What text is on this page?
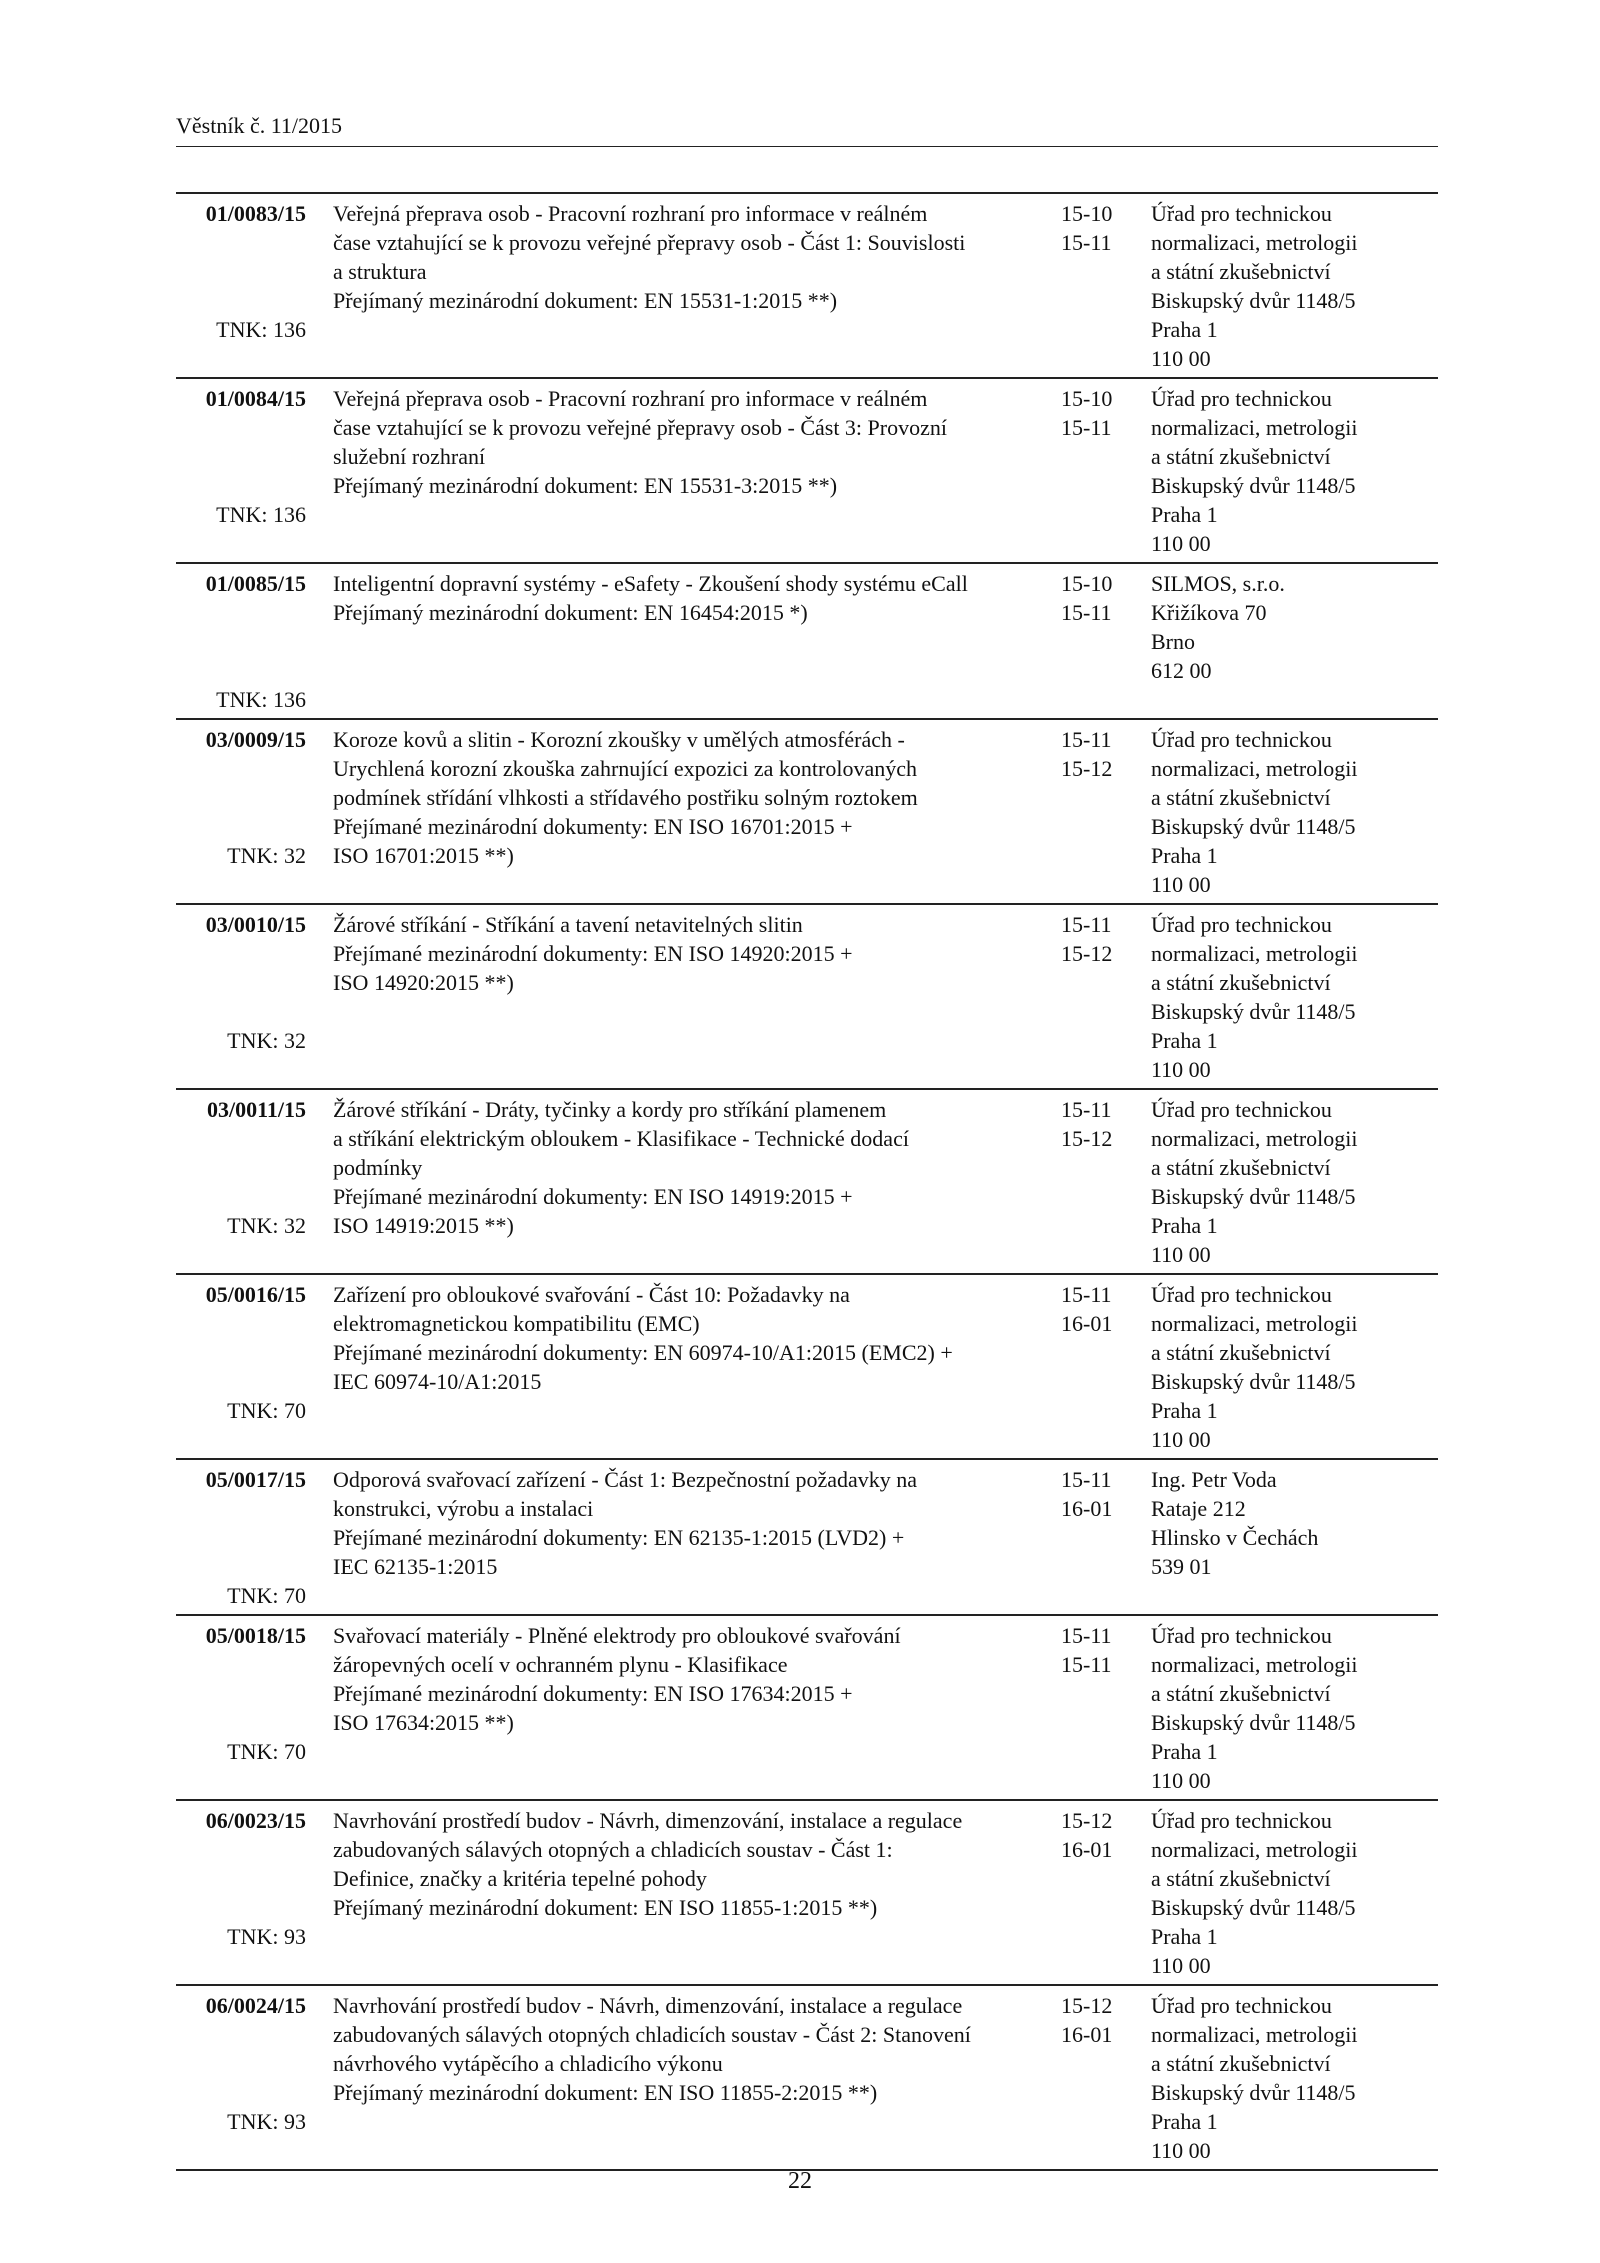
Věstník č. 11/2015
01/0083/15
TNK: 136
Veřejná přeprava osob - Pracovní rozhraní pro informace v reálném
čase vztahující se k provozu veřejné přepravy osob - Část 1: Souvislosti
a struktura
Přejímaný mezinárodní dokument: EN 15531-1:2015 **)
15-10
15-11
Úřad pro technickou
normalizaci, metrologii
a státní zkušebnictví
Biskupský dvůr 1148/5
Praha 1
110 00
01/0084/15
TNK: 136
Veřejná přeprava osob - Pracovní rozhraní pro informace v reálném
čase vztahující se k provozu veřejné přepravy osob - Část 3: Provozní
služební rozhraní
Přejímaný mezinárodní dokument: EN 15531-3:2015 **)
15-10
15-11
Úřad pro technickou
normalizaci, metrologii
a státní zkušebnictví
Biskupský dvůr 1148/5
Praha 1
110 00
01/0085/15
TNK: 136
Inteligentní dopravní systémy - eSafety - Zkoušení shody systému eCall
Přejímaný mezinárodní dokument: EN 16454:2015 *)
15-10
15-11
SILMOS, s.r.o.
Křižíkova 70
Brno
612 00
03/0009/15
TNK: 32
Koroze kovů a slitin - Korozní zkoušky v umělých atmosférách -
Urychlená korozní zkouška zahrnující expozici za kontrolovaných
podmínek střídání vlhkosti a střídavého postřiku solným roztokem
Přejímané mezinárodní dokumenty: EN ISO 16701:2015 +
ISO 16701:2015 **)
15-11
15-12
Úřad pro technickou
normalizaci, metrologii
a státní zkušebnictví
Biskupský dvůr 1148/5
Praha 1
110 00
03/0010/15
TNK: 32
Žárové stříkání - Stříkání a tavení netavitelných slitin
Přejímané mezinárodní dokumenty: EN ISO 14920:2015 +
ISO 14920:2015 **)
15-11
15-12
Úřad pro technickou
normalizaci, metrologii
a státní zkušebnictví
Biskupský dvůr 1148/5
Praha 1
110 00
03/0011/15
TNK: 32
Žárové stříkání - Dráty, tyčinky a kordy pro stříkání plamenem
a stříkání elektrickým obloukem - Klasifikace - Technické dodací
podmínky
Přejímané mezinárodní dokumenty: EN ISO 14919:2015 +
ISO 14919:2015 **)
15-11
15-12
Úřad pro technickou
normalizaci, metrologii
a státní zkušebnictví
Biskupský dvůr 1148/5
Praha 1
110 00
05/0016/15
TNK: 70
Zařízení pro obloukové svařování - Část 10: Požadavky na
elektromagnetickou kompatibilitu (EMC)
Přejímané mezinárodní dokumenty: EN 60974-10/A1:2015 (EMC2) +
IEC 60974-10/A1:2015
15-11
16-01
Úřad pro technickou
normalizaci, metrologii
a státní zkušebnictví
Biskupský dvůr 1148/5
Praha 1
110 00
05/0017/15
TNK: 70
Odporová svařovací zařízení - Část 1: Bezpečnostní požadavky na
konstrukci, výrobu a instalaci
Přejímané mezinárodní dokumenty: EN 62135-1:2015 (LVD2) +
IEC 62135-1:2015
15-11
16-01
Ing. Petr Voda
Rataje 212
Hlinsko v Čechách
539 01
05/0018/15
TNK: 70
Svařovací materiály - Plněné elektrody pro obloukové svařování
žáropevných ocelí v ochranném plynu - Klasifikace
Přejímané mezinárodní dokumenty: EN ISO 17634:2015 +
ISO 17634:2015 **)
15-11
15-11
Úřad pro technickou
normalizaci, metrologii
a státní zkušebnictví
Biskupský dvůr 1148/5
Praha 1
110 00
06/0023/15
TNK: 93
Navrhování prostředí budov - Návrh, dimenzování, instalace a regulace
zabudovaných sálavých otopných a chladicích soustav - Část 1:
Definice, značky a kritéria tepelné pohody
Přejímaný mezinárodní dokument: EN ISO 11855-1:2015 **)
15-12
16-01
Úřad pro technickou
normalizaci, metrologii
a státní zkušebnictví
Biskupský dvůr 1148/5
Praha 1
110 00
06/0024/15
TNK: 93
Navrhování prostředí budov - Návrh, dimenzování, instalace a regulace
zabudovaných sálavých otopných chladicích soustav - Část 2: Stanovení
návrhového vytápěcího a chladicího výkonu
Přejímaný mezinárodní dokument: EN ISO 11855-2:2015 **)
15-12
16-01
Úřad pro technickou
normalizaci, metrologii
a státní zkušebnictví
Biskupský dvůr 1148/5
Praha 1
110 00
22
